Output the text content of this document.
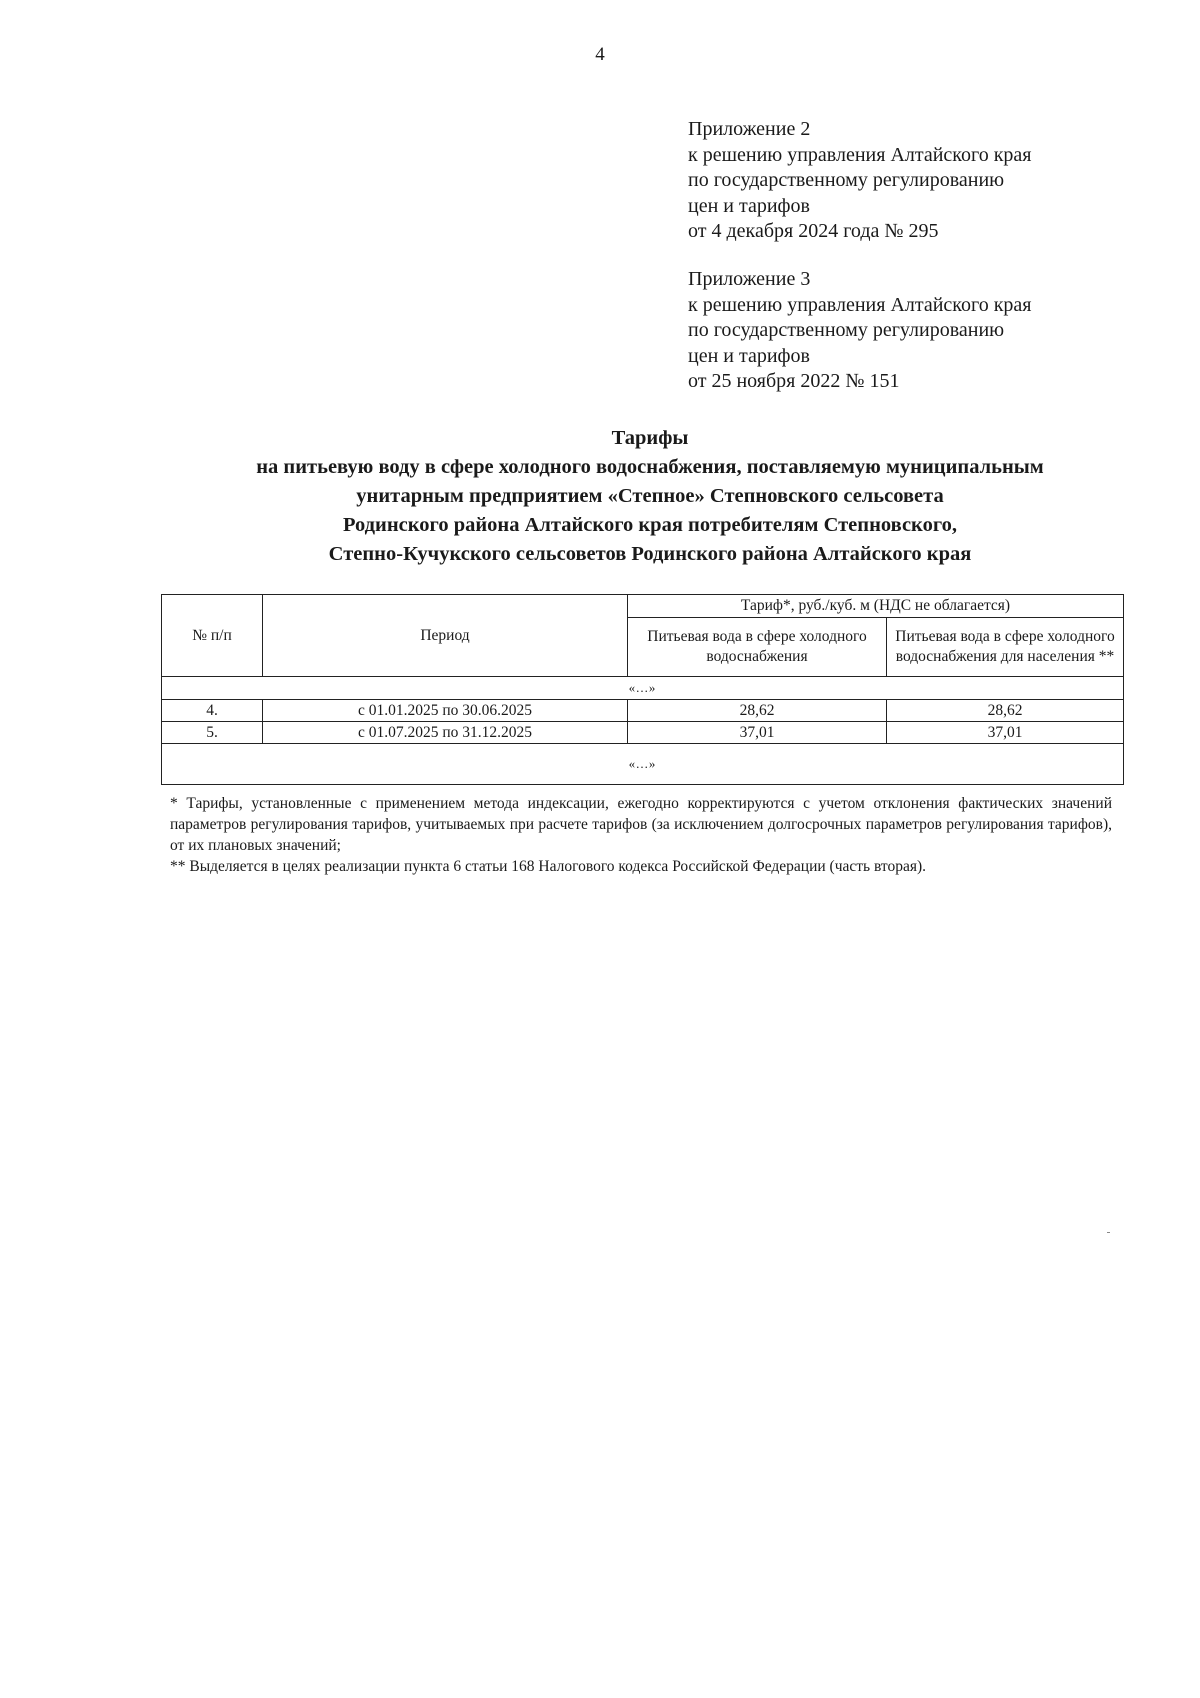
4
Приложение 2
к решению управления Алтайского края
по государственному регулированию
цен и тарифов
от 4 декабря 2024 года № 295
Приложение 3
к решению управления Алтайского края
по государственному регулированию
цен и тарифов
от 25 ноября 2022 № 151
Тарифы
на питьевую воду в сфере холодного водоснабжения, поставляемую муниципальным
унитарным предприятием «Степное» Степновского сельсовета
Родинского района Алтайского края потребителям Степновского,
Степно-Кучукского сельсоветов Родинского района Алтайского края
№ п/п	Период	Тариф*, руб./куб. м (НДС не облагается)	
		Питьевая вода в сфере холодного водоснабжения	Питьевая вода в сфере холодного водоснабжения для населения **
«...»			
4.	с 01.01.2025 по 30.06.2025	28,62	28,62
5.	с 01.07.2025 по 31.12.2025	37,01	37,01
«...»			

* Тарифы, установленные с применением метода индексации, ежегодно корректируются с учетом отклонения фактических значений параметров регулирования тарифов, учитываемых при расчете тарифов (за исключением долгосрочных параметров регулирования тарифов), от их плановых значений;

** Выделяется в целях реализации пункта 6 статьи 168 Налогового кодекса Российской Федерации (часть вторая).
